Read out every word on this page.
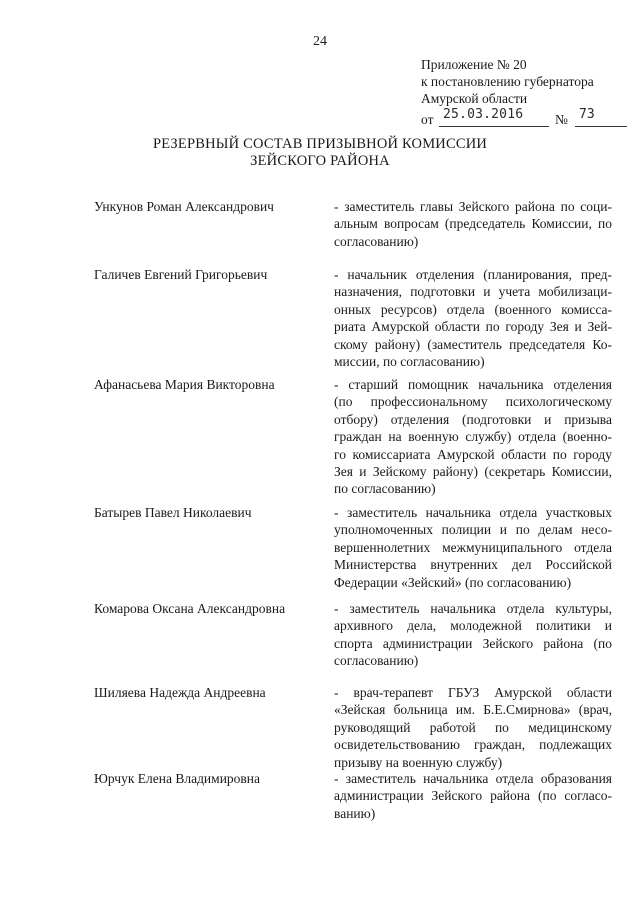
24
Приложение № 20
к постановлению губернатора
Амурской области
от 25.03.2016 № 73
РЕЗЕРВНЫЙ СОСТАВ ПРИЗЫВНОЙ КОМИССИИ
ЗЕЙСКОГО РАЙОНА
Ункунов Роман Александрович	- заместитель главы Зейского района по соци-
альным вопросам (председатель Комиссии, по
согласованию)
Галичев Евгений Григорьевич	- начальник отделения (планирования, пред-
назначения, подготовки и учета мобилизаци-
онных ресурсов) отдела (военного комисса-
риата Амурской области по городу Зея и Зей-
скому району) (заместитель председателя Ко-
миссии, по согласованию)
Афанасьева Мария Викторовна	- старший помощник начальника отделения
(по профессиональному психологическому
отбору) отделения (подготовки и призыва
граждан на военную службу) отдела (военно-
го комиссариата Амурской области по городу
Зея и Зейскому району) (секретарь Комиссии,
по согласованию)
Батырев Павел Николаевич	- заместитель начальника отдела участковых
уполномоченных полиции и по делам несо-
вершеннолетних межмуниципального отдела
Министерства внутренних дел Российской
Федерации «Зейский» (по согласованию)
Комарова Оксана Александровна	- заместитель начальника отдела культуры,
архивного дела, молодежной политики и
спорта администрации Зейского района (по
согласованию)
Шиляева Надежда Андреевна	- врач-терапевт ГБУЗ Амурской области
«Зейская больница им. Б.Е.Смирнова» (врач,
руководящий работой по медицинскому
освидетельствованию граждан, подлежащих
призыву на военную службу)
Юрчук Елена Владимировна	- заместитель начальника отдела образования
администрации Зейского района (по согласо-
ванию)
